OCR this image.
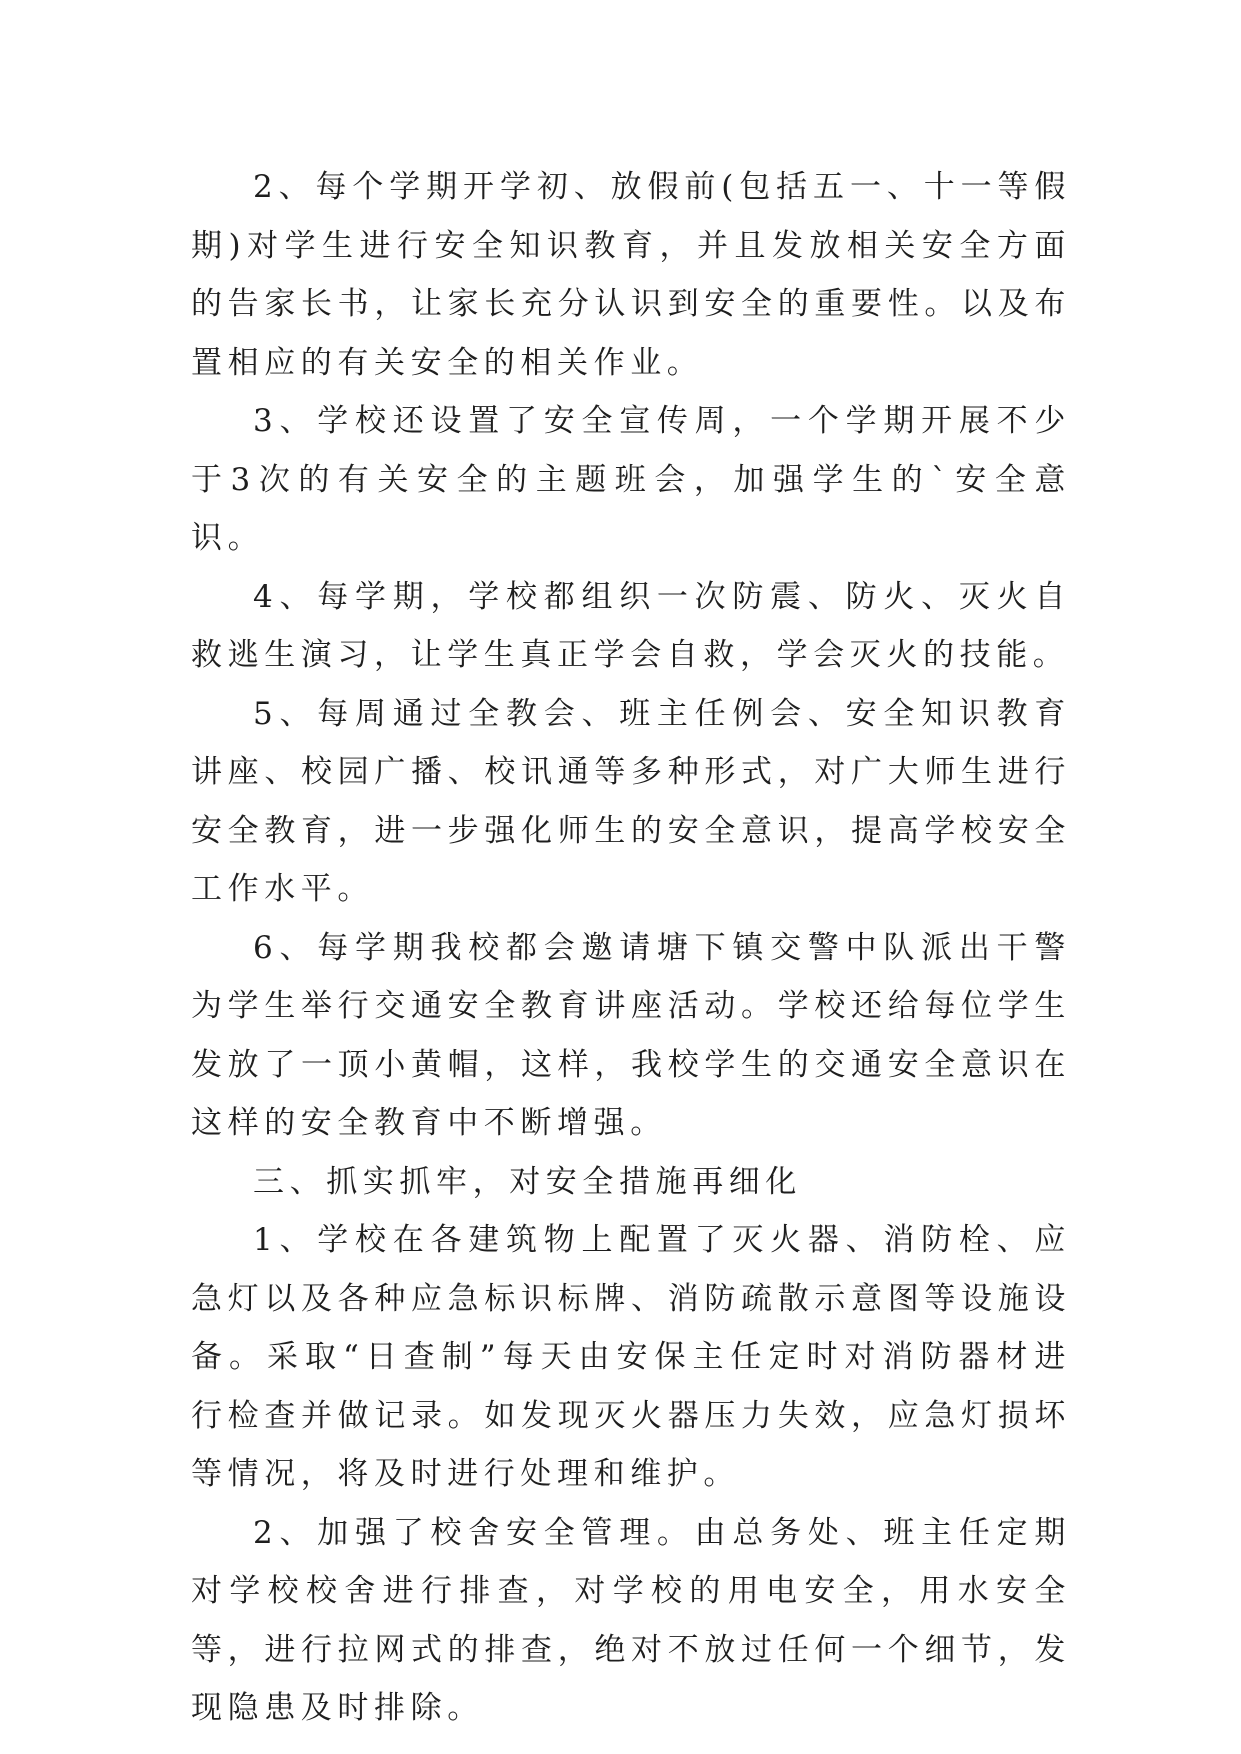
2、每个学期开学初、放假前(包括五一、十一等假期)对学生进行安全知识教育，并且发放相关安全方面的告家长书，让家长充分认识到安全的重要性。以及布置相应的有关安全的相关作业。

3、学校还设置了安全宣传周，一个学期开展不少于3次的有关安全的主题班会，加强学生的`安全意识。

4、每学期，学校都组织一次防震、防火、灭火自救逃生演习，让学生真正学会自救，学会灭火的技能。

5、每周通过全教会、班主任例会、安全知识教育讲座、校园广播、校讯通等多种形式，对广大师生进行安全教育，进一步强化师生的安全意识，提高学校安全工作水平。

6、每学期我校都会邀请塘下镇交警中队派出干警为学生举行交通安全教育讲座活动。学校还给每位学生发放了一顶小黄帽，这样，我校学生的交通安全意识在这样的安全教育中不断增强。

三、抓实抓牢，对安全措施再细化

1、学校在各建筑物上配置了灭火器、消防栓、应急灯以及各种应急标识标牌、消防疏散示意图等设施设备。采取“日查制”每天由安保主任定时对消防器材进行检查并做记录。如发现灭火器压力失效，应急灯损坏等情况，将及时进行处理和维护。

2、加强了校舍安全管理。由总务处、班主任定期对学校校舍进行排查，对学校的用电安全，用水安全等，进行拉网式的排查，绝对不放过任何一个细节，发现隐患及时排除。
